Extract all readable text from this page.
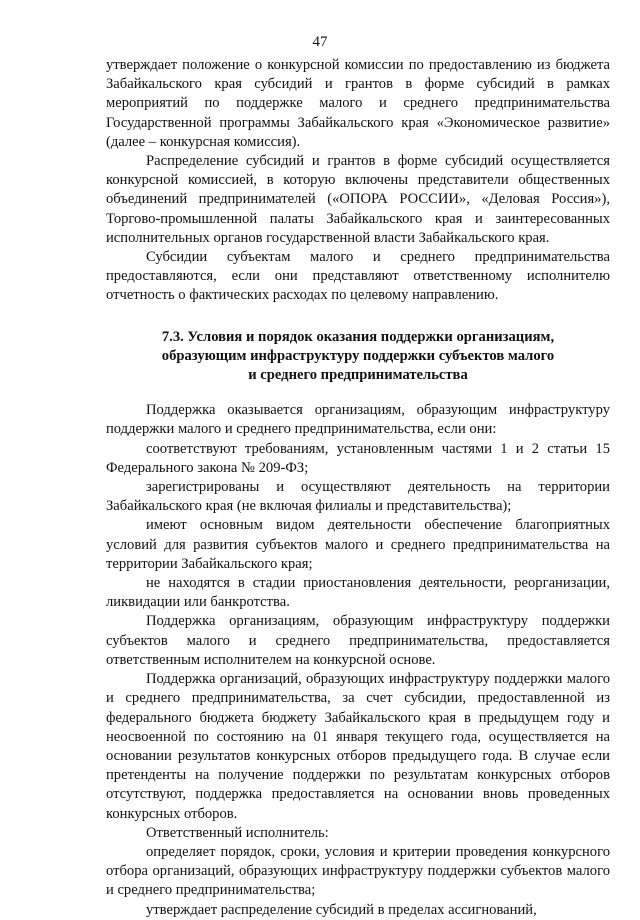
47

утверждает положение о конкурсной комиссии по предоставлению из бюджета Забайкальского края субсидий и грантов в форме субсидий в рамках мероприятий по поддержке малого и среднего предпринимательства Государственной программы Забайкальского края «Экономическое развитие» (далее – конкурсная комиссия).

Распределение субсидий и грантов в форме субсидий осуществляется конкурсной комиссией, в которую включены представители общественных объединений предпринимателей («ОПОРА РОССИИ», «Деловая Россия»), Торгово-промышленной палаты Забайкальского края и заинтересованных исполнительных органов государственной власти Забайкальского края.

Субсидии субъектам малого и среднего предпринимательства предоставляются, если они представляют ответственному исполнителю отчетность о фактических расходах по целевому направлению.

7.3. Условия и порядок оказания поддержки организациям,
образующим инфраструктуру поддержки субъектов малого
и среднего предпринимательства

Поддержка оказывается организациям, образующим инфраструктуру поддержки малого и среднего предпринимательства, если они:

соответствуют требованиям, установленным частями 1 и 2 статьи 15 Федерального закона № 209-ФЗ;

зарегистрированы и осуществляют деятельность на территории Забайкальского края (не включая филиалы и представительства);

имеют основным видом деятельности обеспечение благоприятных условий для развития субъектов малого и среднего предпринимательства на территории Забайкальского края;

не находятся в стадии приостановления деятельности, реорганизации, ликвидации или банкротства.

Поддержка организациям, образующим инфраструктуру поддержки субъектов малого и среднего предпринимательства, предоставляется ответственным исполнителем на конкурсной основе.

Поддержка организаций, образующих инфраструктуру поддержки малого и среднего предпринимательства, за счет субсидии, предоставленной из федерального бюджета бюджету Забайкальского края в предыдущем году и неосвоенной по состоянию на 01 января текущего года, осуществляется на основании результатов конкурсных отборов предыдущего года. В случае если претенденты на получение поддержки по результатам конкурсных отборов отсутствуют, поддержка предоставляется на основании вновь проведенных конкурсных отборов.

Ответственный исполнитель:

определяет порядок, сроки, условия и критерии проведения конкурсного отбора организаций, образующих инфраструктуру поддержки субъектов малого и среднего предпринимательства;

утверждает распределение субсидий в пределах ассигнований,
